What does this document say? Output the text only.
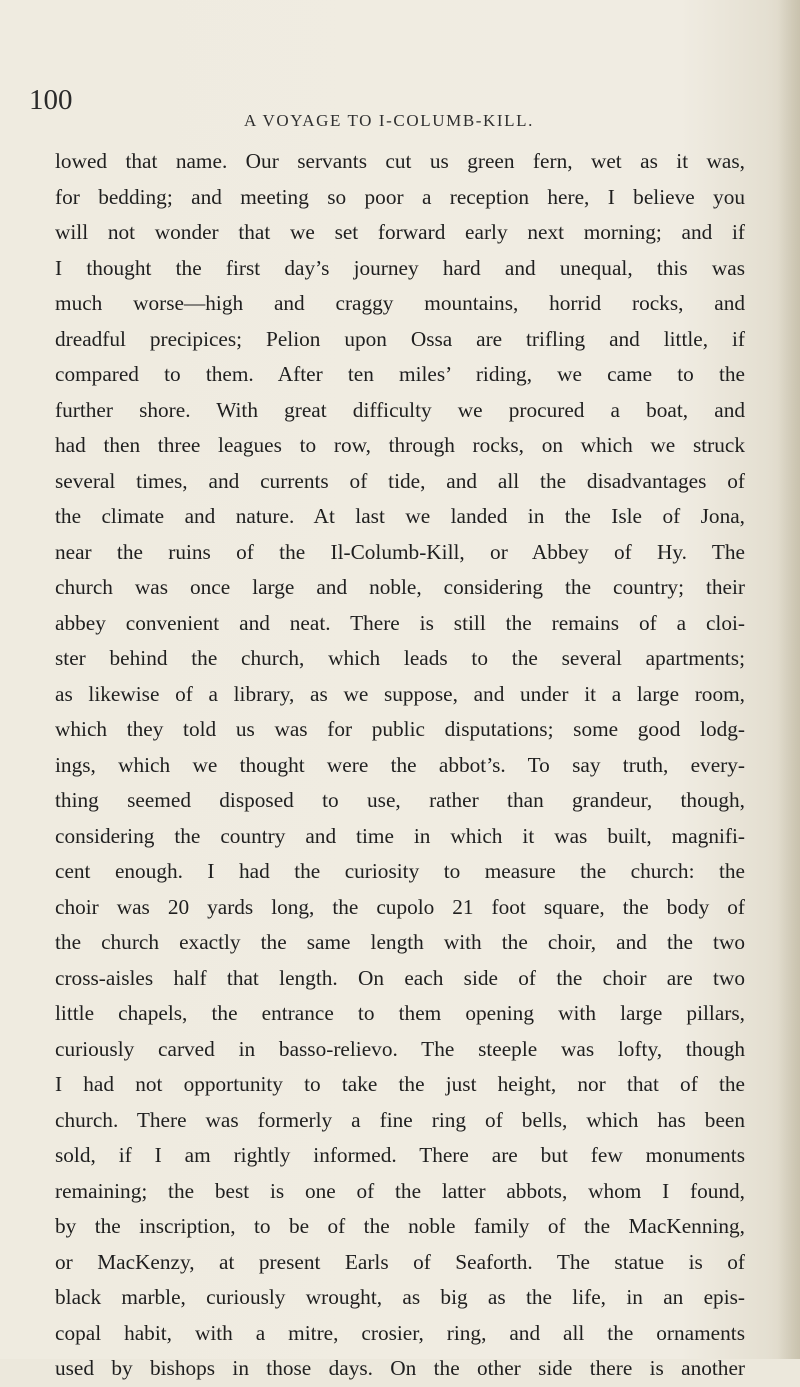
100
A VOYAGE TO I-COLUMB-KILL.
lowed that name. Our servants cut us green fern, wet as it was,
for bedding; and meeting so poor a reception here, I believe you
will not wonder that we set forward early next morning; and if
I thought the first day’s journey hard and unequal, this was
much worse—high and craggy mountains, horrid rocks, and
dreadful precipices; Pelion upon Ossa are trifling and little, if
compared to them. After ten miles’ riding, we came to the
further shore. With great difficulty we procured a boat, and
had then three leagues to row, through rocks, on which we struck
several times, and currents of tide, and all the disadvantages of
the climate and nature. At last we landed in the Isle of Jona,
near the ruins of the Il-Columb-Kill, or Abbey of Hy. The
church was once large and noble, considering the country; their
abbey convenient and neat. There is still the remains of a cloi-
ster behind the church, which leads to the several apartments;
as likewise of a library, as we suppose, and under it a large room,
which they told us was for public disputations; some good lodg-
ings, which we thought were the abbot’s. To say truth, every-
thing seemed disposed to use, rather than grandeur, though,
considering the country and time in which it was built, magnifi-
cent enough. I had the curiosity to measure the church: the
choir was 20 yards long, the cupolo 21 foot square, the body of
the church exactly the same length with the choir, and the two
cross-aisles half that length. On each side of the choir are two
little chapels, the entrance to them opening with large pillars,
curiously carved in basso-relievo. The steeple was lofty, though
I had not opportunity to take the just height, nor that of the
church. There was formerly a fine ring of bells, which has been
sold, if I am rightly informed. There are but few monuments
remaining; the best is one of the latter abbots, whom I found,
by the inscription, to be of the noble family of the MacKenning,
or MacKenzy, at present Earls of Seaforth. The statue is of
black marble, curiously wrought, as big as the life, in an epis-
copal habit, with a mitre, crosier, ring, and all the ornaments
used by bishops in those days. On the other side there is another
